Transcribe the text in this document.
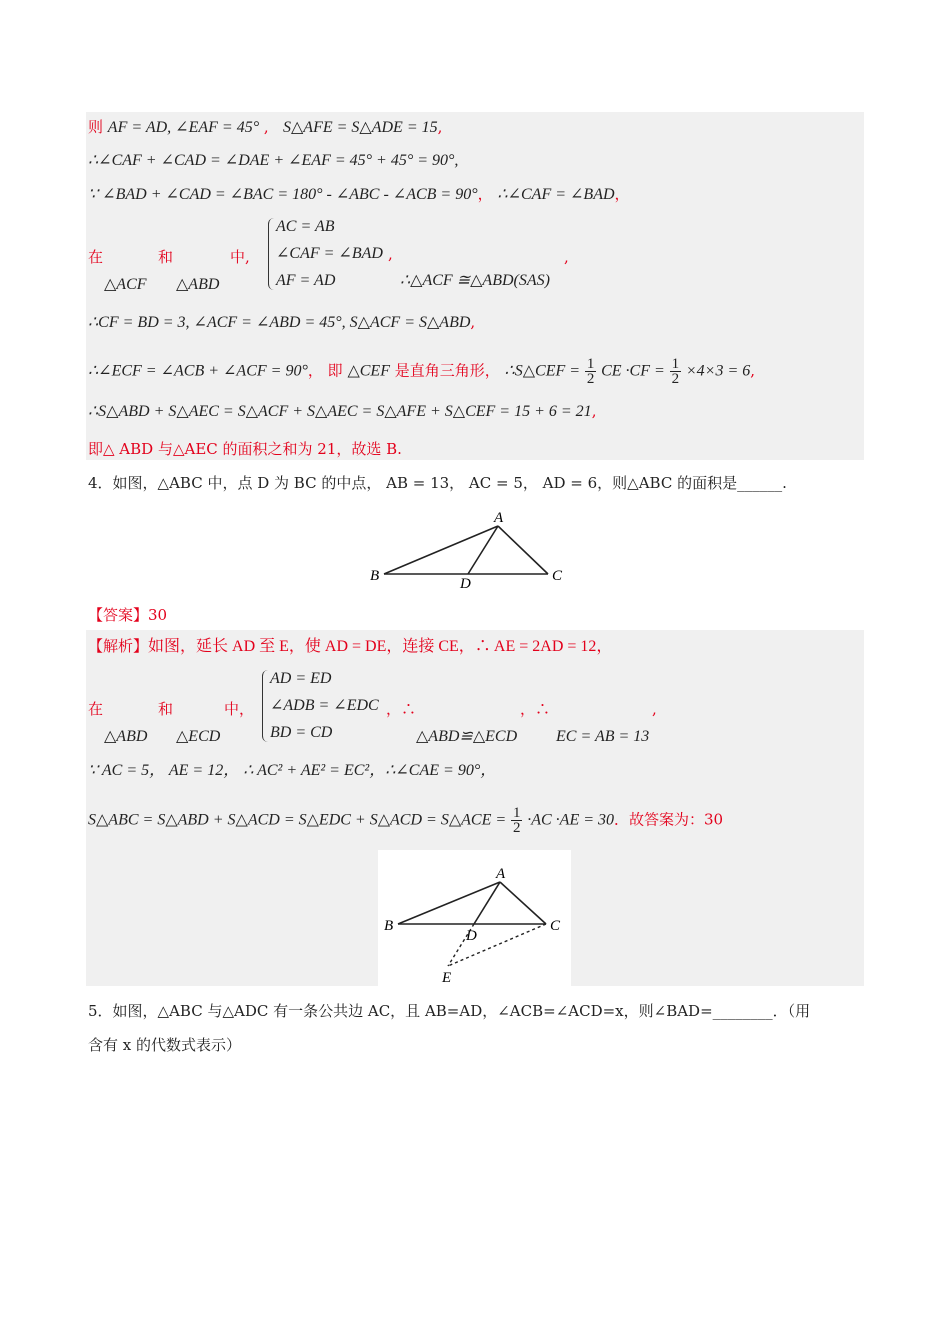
则 AF = AD, ∠EAF = 45° , S△AFE = S△ADE = 15,
∴∠CAF + ∠CAD = ∠DAE + ∠EAF = 45° + 45° = 90°,
∵ ∠BAD + ∠CAD = ∠BAC = 180° - ∠ABC - ∠ACB = 90°， ∴∠CAF = ∠BAD，
在	和	中,
△ACF △ABD
AC = AB
∠CAF = ∠BAD
AF = AD
,	,
∴△ACF ≅△ABD(SAS)
∴CF = BD = 3, ∠ACF = ∠ABD = 45°, S△ACF = S△ABD,
∴∠ECF = ∠ACB + ∠ACF = 90°， 即 △CEF 是直角三角形， ∴S△CEF = $\frac{1}{2}$ CE $\cdot CF = \frac{1}{2} \times 4\times 3 = 6$,
∴S△ABD + S△AEC = S△ACF + S△AEC = S△AFE + S△CEF = 15 + 6 = 21,
即△ ABD 与△AEC 的面积之和为 21，故选 B.
4．如图，△ABC 中，点 D 为 BC 的中点， AB = 13， AC = 5， AD = 6，则△ABC 的面积是______.
A
B	C
D
【答案】30
【解析】如图，延长 AD 至 E，使 AD = DE，连接 CE，∴ AE = 2AD = 12，
在	和	中，
△ABD △ECD
AD = ED
∠ADB = ∠EDC
BD = CD
，∴	，∴	,
△ABD≌△ECD EC = AB = 13
∵ AC = 5， AE = 12， ∴ AC² + AE² = EC²，∴∠CAE = 90°，
S△ABC = S△ABD + S△ACD = S△EDC + S△ACD = S△ACE = $\frac{1}{2} \cdot AC \cdot AE = 30$．故答案为：30
A
B	C
D
E
5．如图，△ABC 与△ADC 有一条公共边 AC，且 AB=AD，∠ACB=∠ACD=x，则∠BAD=________．（用
含有 x 的代数式表示）
